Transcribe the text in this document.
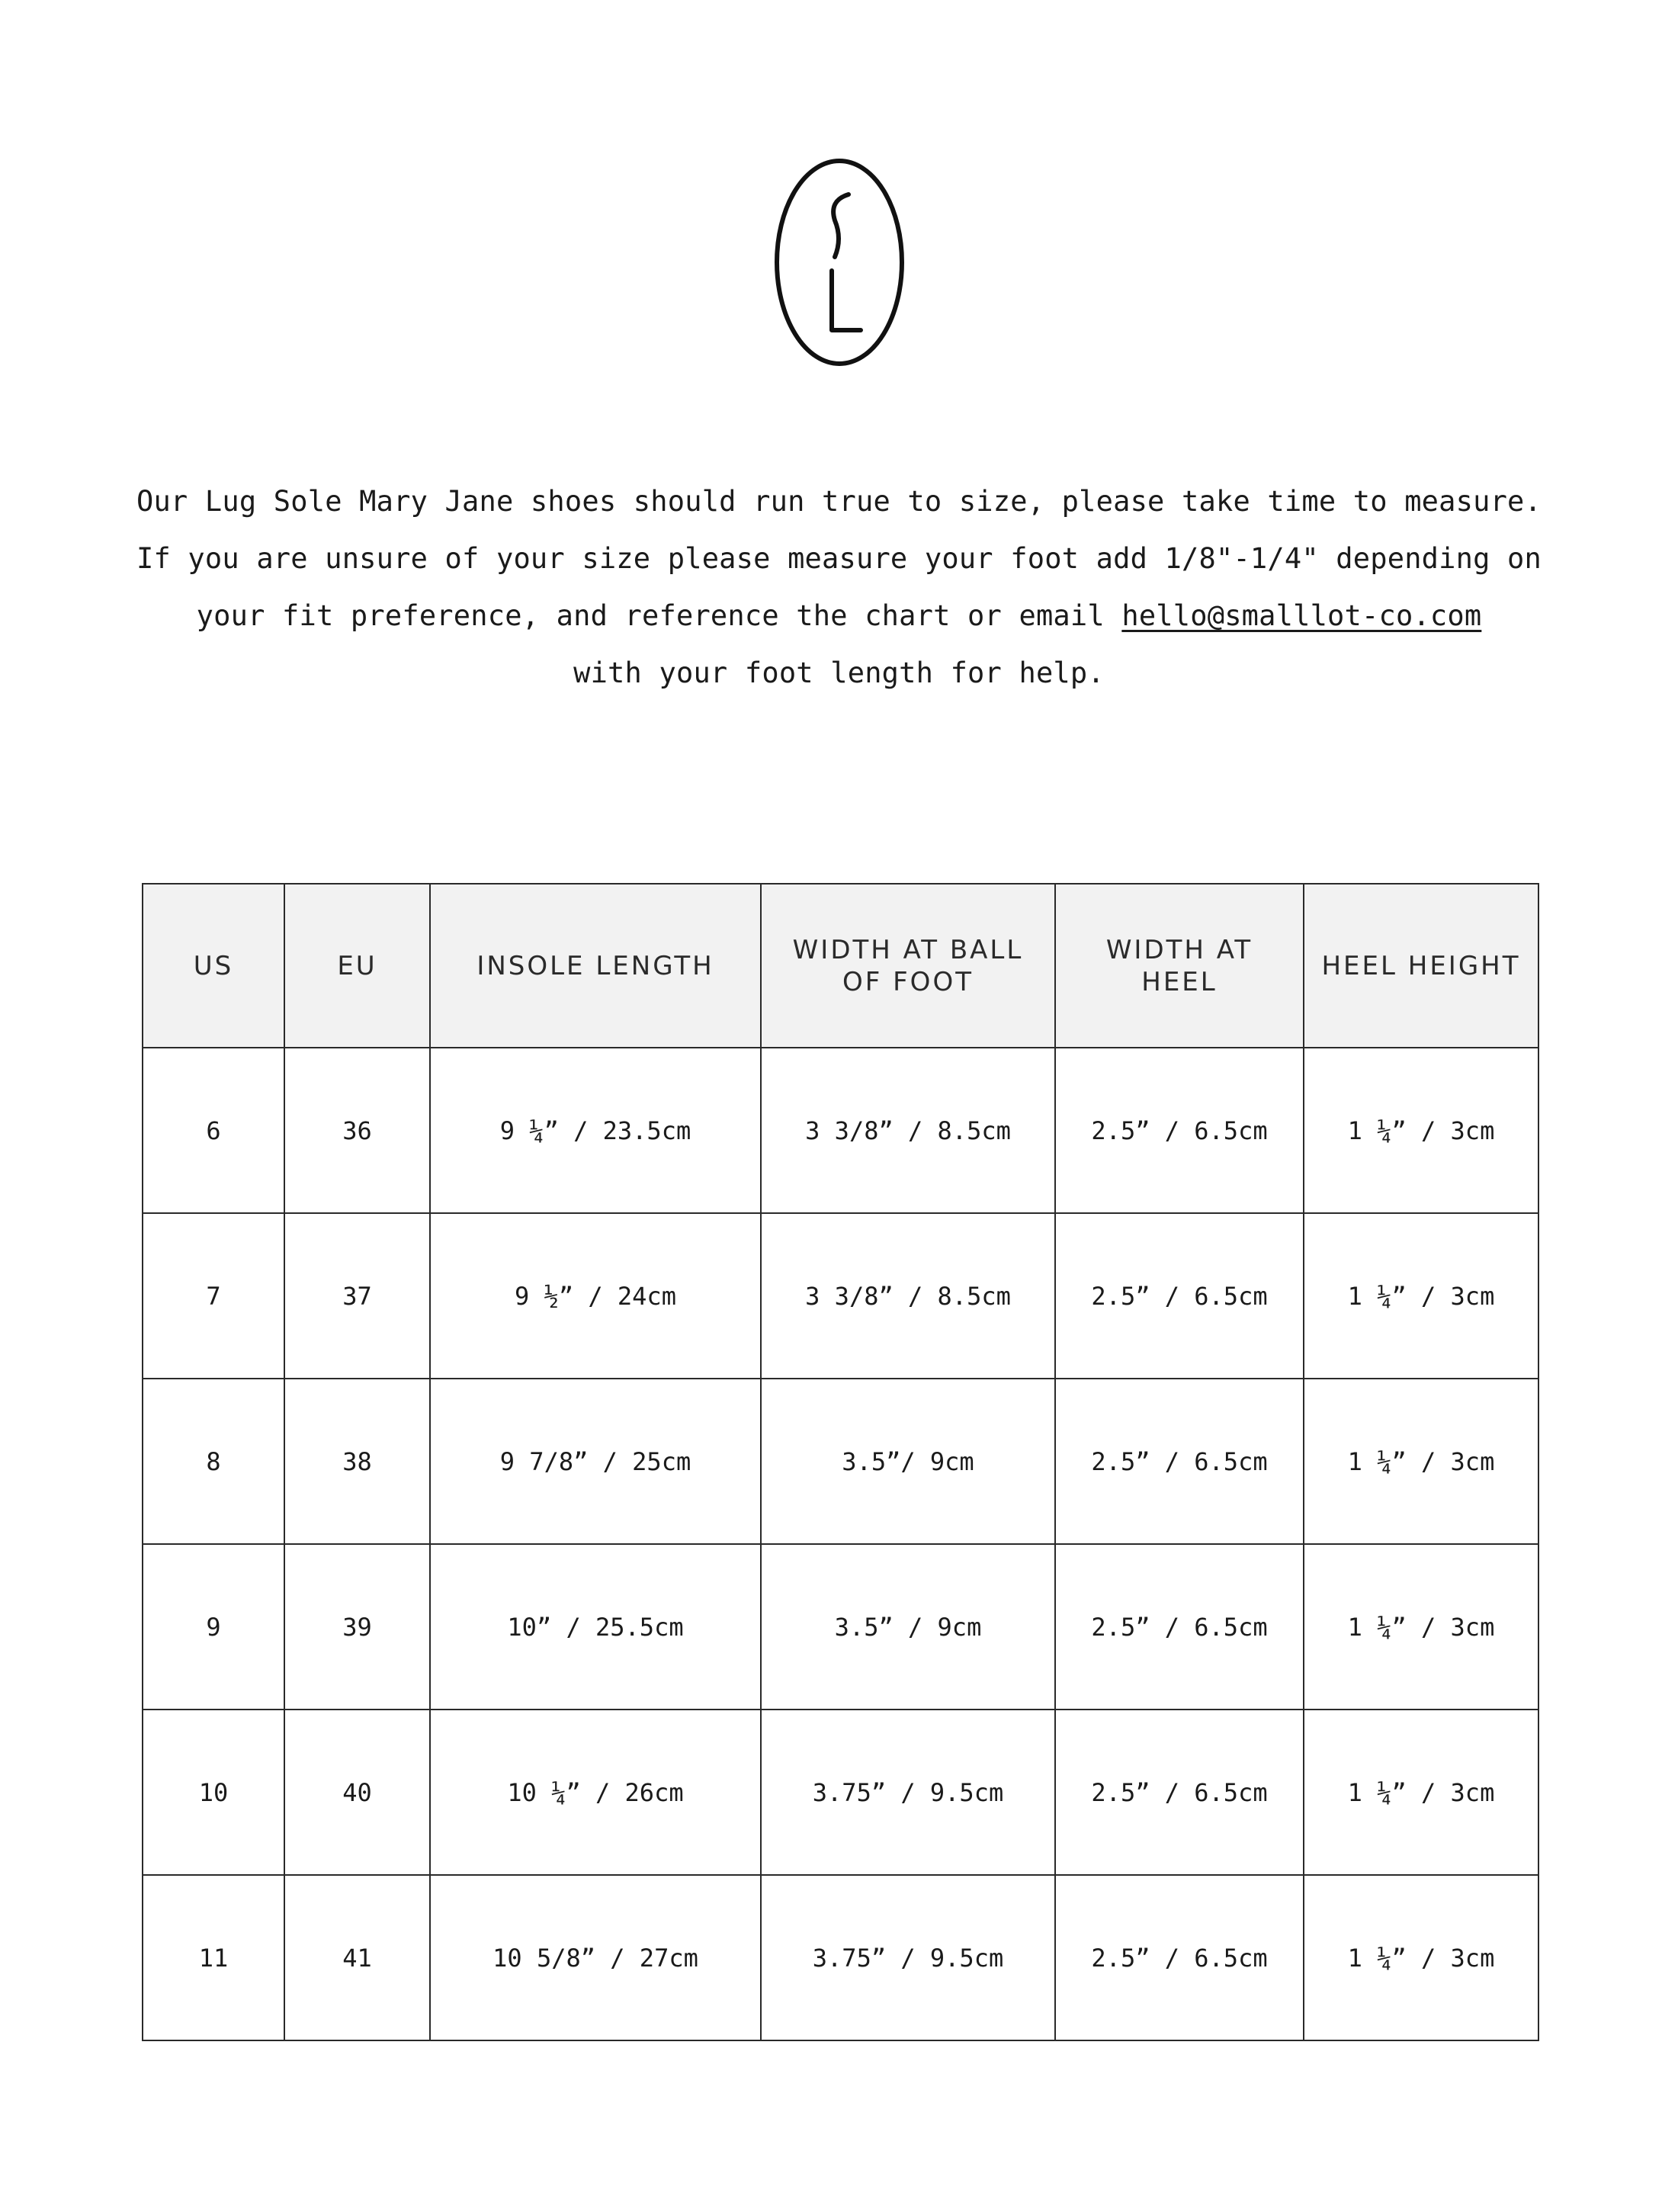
Our Lug Sole Mary Jane shoes should run true to size, please take time to measure.
If you are unsure of your size please measure your foot add 1/8"-1/4" depending on
your fit preference, and reference the chart or email hello@smalllot-co.com
with your foot length for help.
US	EU	INSOLE LENGTH	WIDTH AT BALL OF FOOT	WIDTH AT HEEL	HEEL HEIGHT
6	36	9 ¼” / 23.5cm	3 3/8” / 8.5cm	2.5” / 6.5cm	1 ¼” / 3cm
7	37	9 ½” / 24cm	3 3/8” / 8.5cm	2.5” / 6.5cm	1 ¼” / 3cm
8	38	9 7/8” / 25cm	3.5”/ 9cm	2.5” / 6.5cm	1 ¼” / 3cm
9	39	10” / 25.5cm	3.5” / 9cm	2.5” / 6.5cm	1 ¼” / 3cm
10	40	10 ¼” / 26cm	3.75” / 9.5cm	2.5” / 6.5cm	1 ¼” / 3cm
11	41	10 5/8” / 27cm	3.75” / 9.5cm	2.5” / 6.5cm	1 ¼” / 3cm
